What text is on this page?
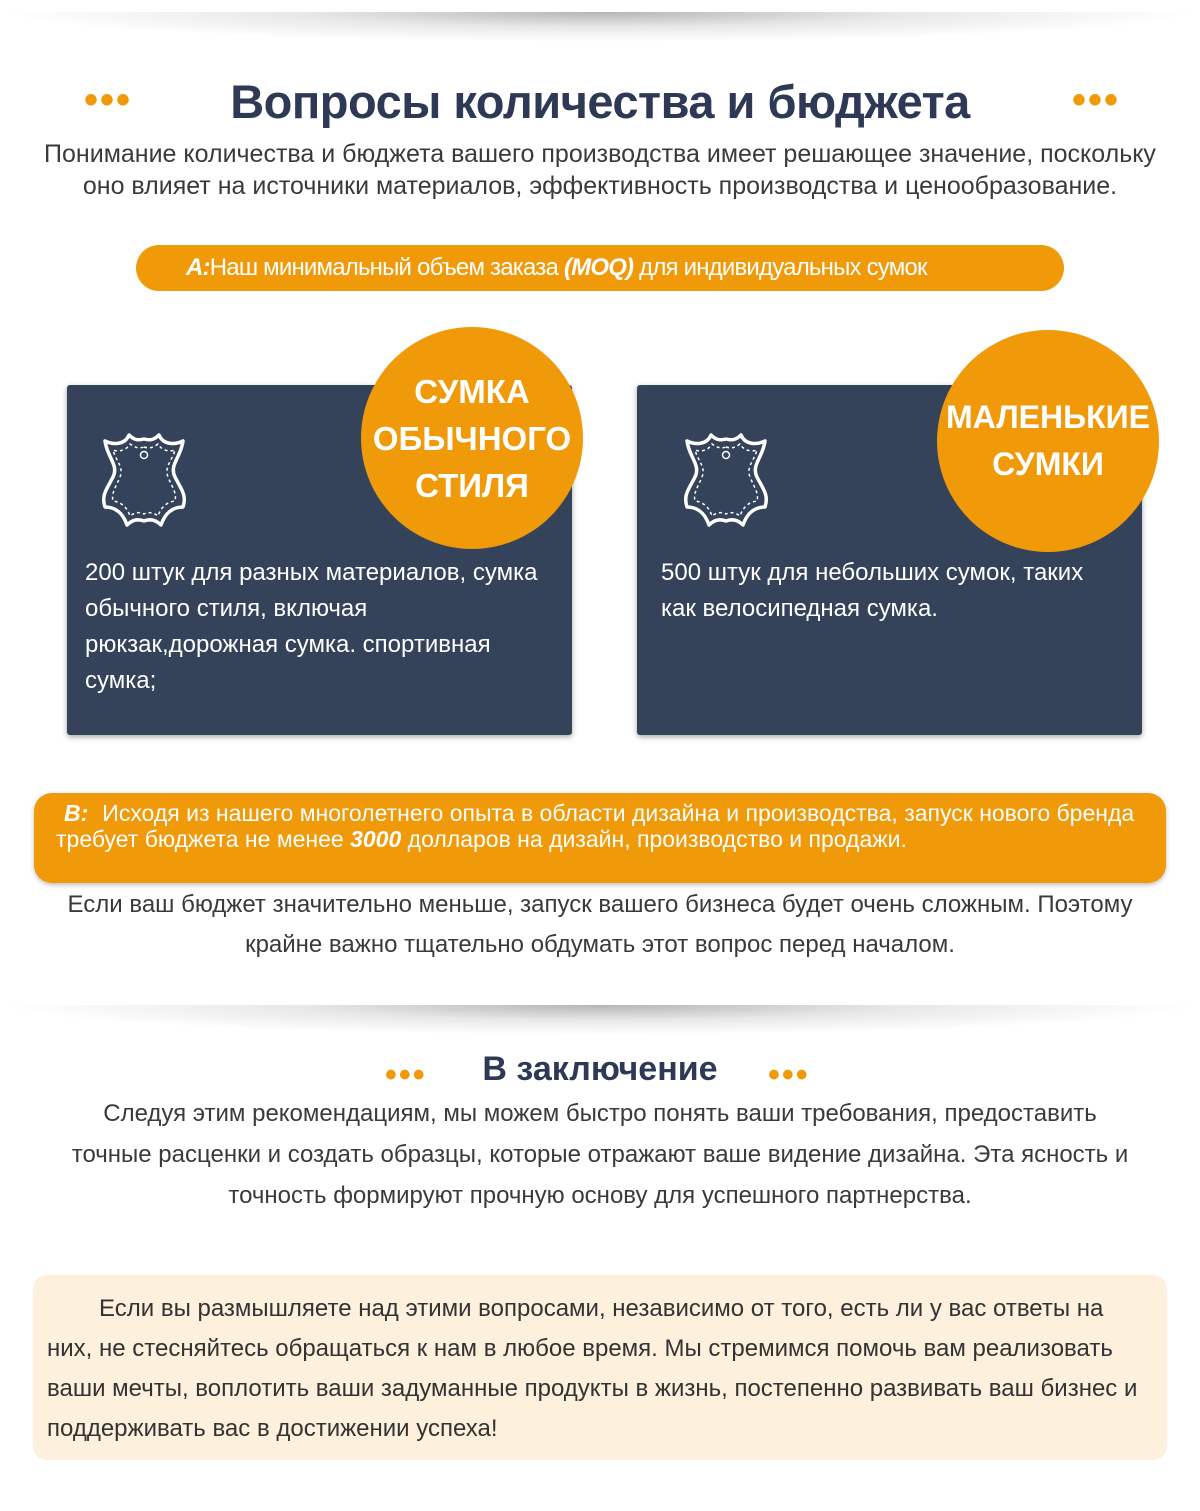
•••	Вопросы количества и бюджета	•••
Понимание количества и бюджета вашего производства имеет решающее значение, поскольку оно влияет на источники материалов, эффективность производства и ценообразование.
A:Наш минимальный объем заказа (MOQ) для индивидуальных сумок
200 штук для разных материалов, сумка обычного стиля, включая рюкзак,дорожная сумка. спортивная сумка;
СУМКА ОБЫЧНОГО СТИЛЯ
500 штук для небольших сумок, таких как велосипедная сумка.
МАЛЕНЬКИЕ СУМКИ
B: Исходя из нашего многолетнего опыта в области дизайна и производства, запуск нового бренда требует бюджета не менее 3000 долларов на дизайн, производство и продажи.
Если ваш бюджет значительно меньше, запуск вашего бизнеса будет очень сложным. Поэтому крайне важно тщательно обдумать этот вопрос перед началом.
•••	В заключение	•••
Следуя этим рекомендациям, мы можем быстро понять ваши требования, предоставить точные расценки и создать образцы, которые отражают ваше видение дизайна. Эта ясность и точность формируют прочную основу для успешного партнерства.
Если вы размышляете над этими вопросами, независимо от того, есть ли у вас ответы на них, не стесняйтесь обращаться к нам в любое время. Мы стремимся помочь вам реализовать ваши мечты, воплотить ваши задуманные продукты в жизнь, постепенно развивать ваш бизнес и поддерживать вас в достижении успеха!
